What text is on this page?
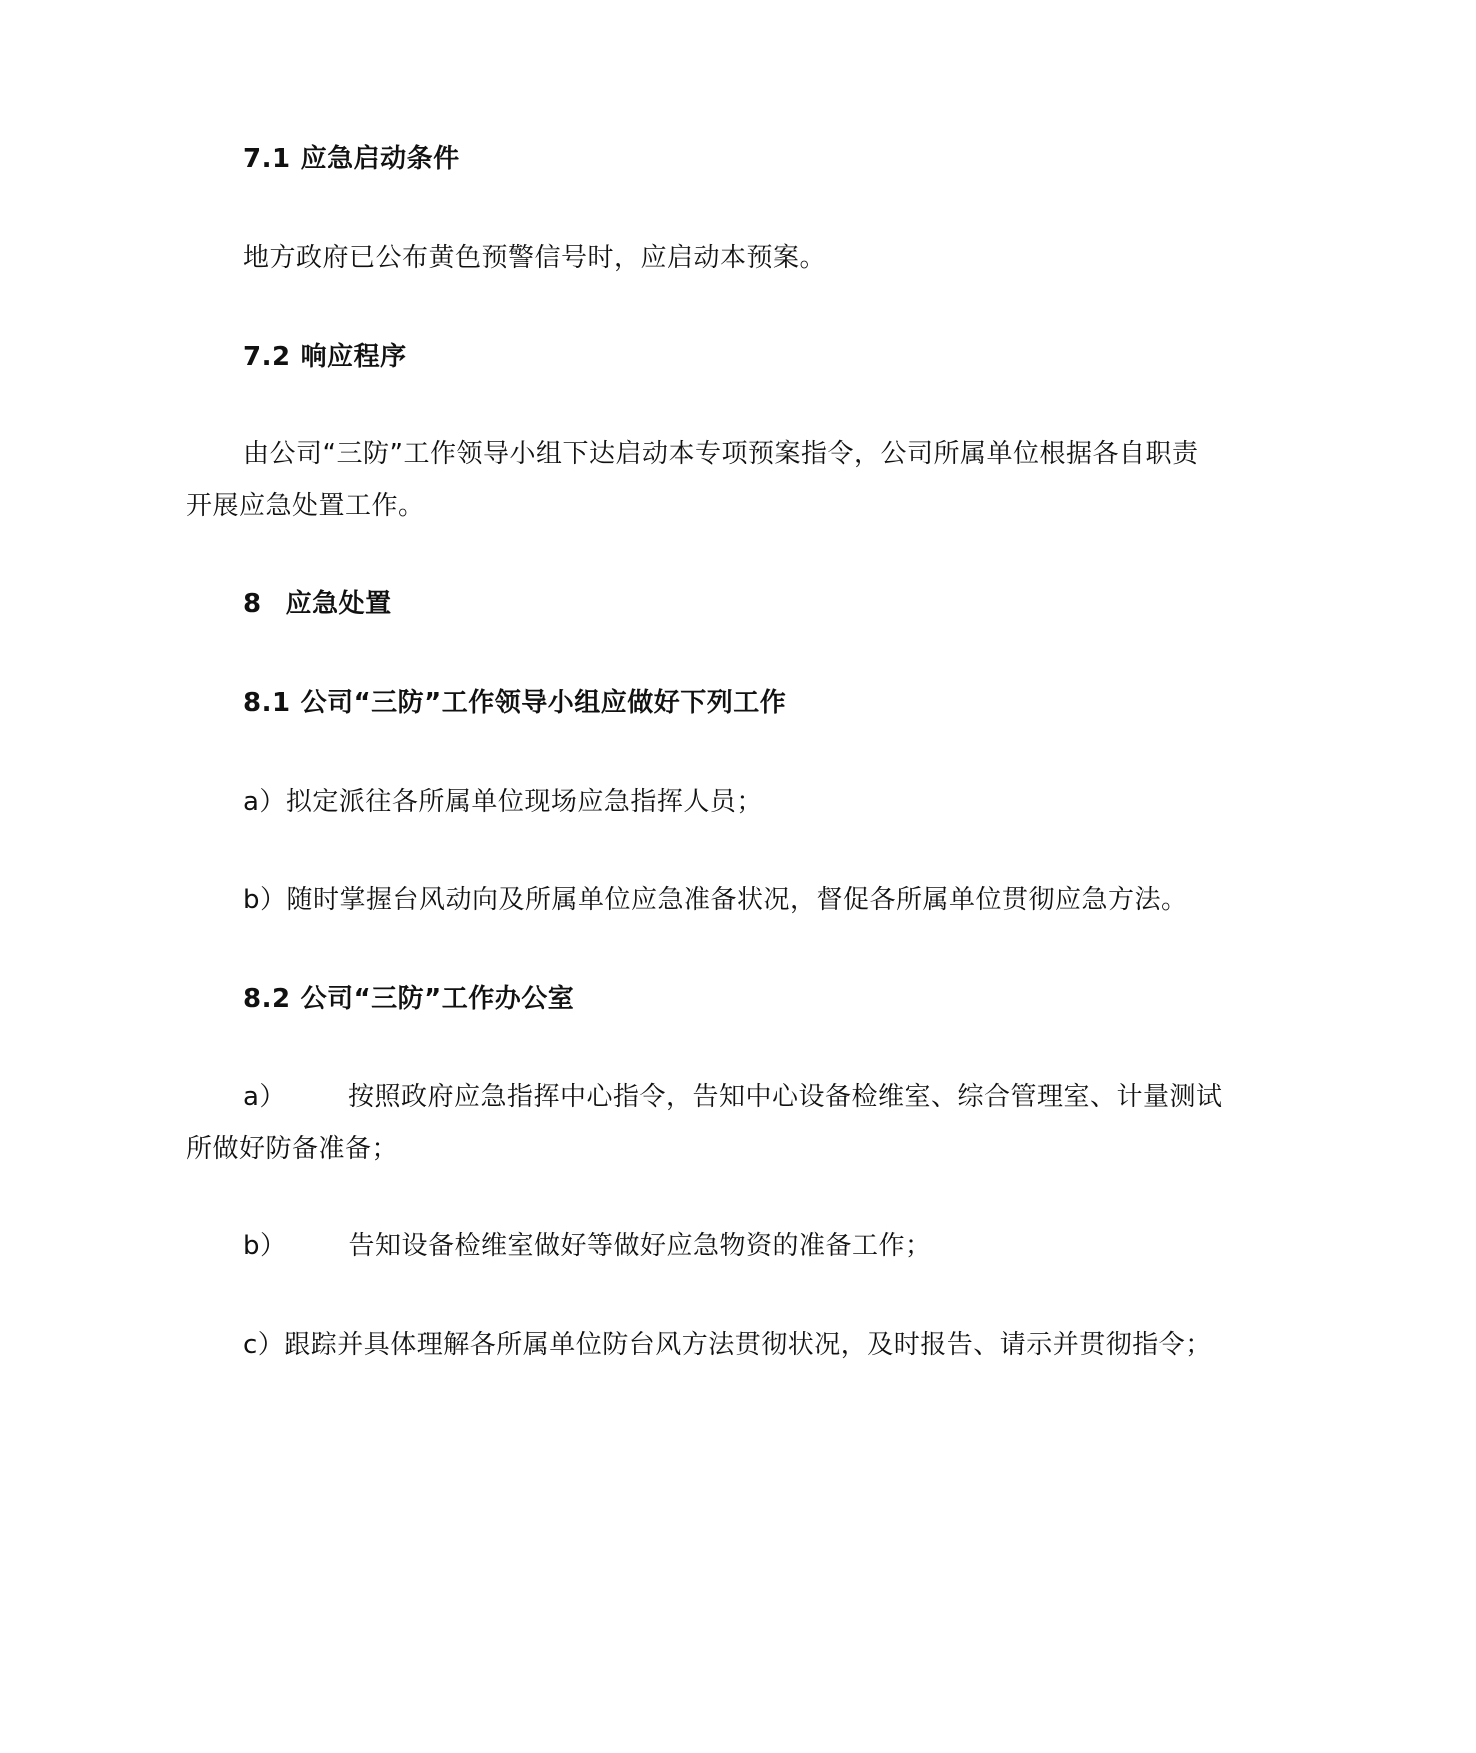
7.1 应急启动条件
地方政府已公布黄色预警信号时，应启动本预案。
7.2 响应程序
由公司“三防”工作领导小组下达启动本专项预案指令，公司所属单位根据各自职责
开展应急处置工作。
8 应急处置
8.1 公司“三防”工作领导小组应做好下列工作
a）拟定派往各所属单位现场应急指挥人员；
b）随时掌握台风动向及所属单位应急准备状况，督促各所属单位贯彻应急方法。
8.2 公司“三防”工作办公室
a） 按照政府应急指挥中心指令，告知中心设备检维室、综合管理室、计量测试
所做好防备准备；
b） 告知设备检维室做好等做好应急物资的准备工作；
c）跟踪并具体理解各所属单位防台风方法贯彻状况，及时报告、请示并贯彻指令；
